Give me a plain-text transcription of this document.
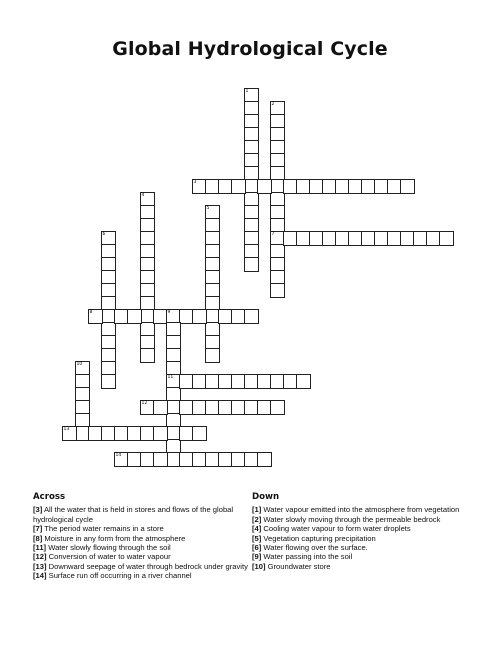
Global Hydrological Cycle
1
2
7
3
4
5
6
8	9
11
10
12
13
14
Across
[3] All the water that is held in stores and flows of the global hydrological cycle
[7] The period water remains in a store
[8] Moisture in any form from the atmosphere
[11] Water slowly flowing through the soil
[12] Conversion of water to water vapour
[13] Downward seepage of water through bedrock under gravity
[14] Surface run off occurring in a river channel
Down
[1] Water vapour emitted into the atmosphere from vegetation
[2] Water slowly moving through the permeable bedrock
[4] Cooling water vapour to form water droplets
[5] Vegetation capturing precipitation
[6] Water flowing over the surface.
[9] Water passing into the soil
[10] Groundwater store
